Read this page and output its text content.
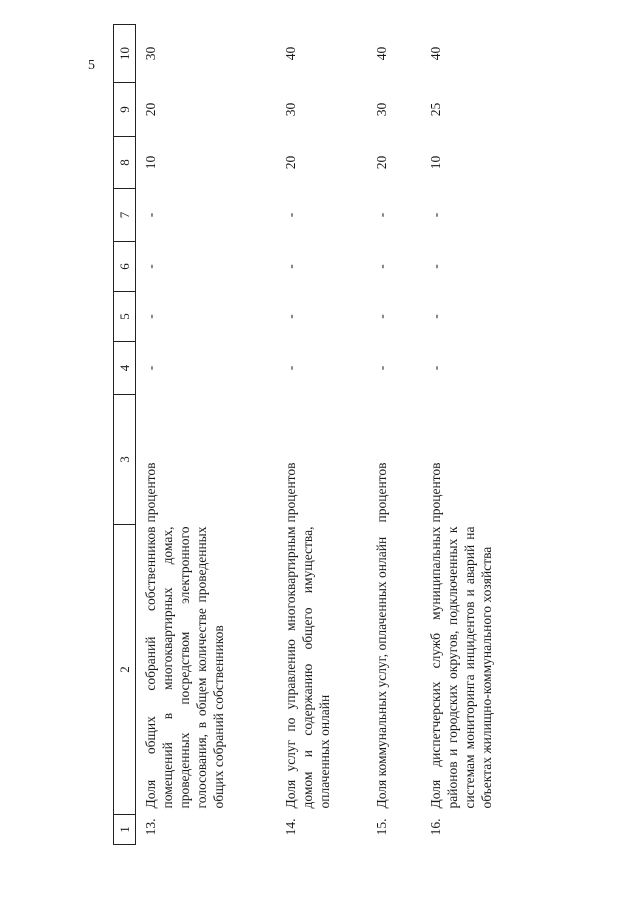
5
1	2	3	4	5	6	7	8	9	10
13.	Доля общих собраний собственников помещений в многоквартирных домах, проведенных посредством электронного голосования, в общем количестве проведенных общих собраний собственников	процентов	-	-	-	-	10	20	30
14.	Доля услуг по управлению многоквартирным домом и содержанию общего имущества, оплаченных онлайн	процентов	-	-	-	-	20	30	40
15.	Доля коммунальных услуг, оплаченных онлайн	процентов	-	-	-	-	20	30	40
16.	Доля диспетчерских служб муниципальных районов и городских округов, подключенных к системам мониторинга инцидентов и аварий на объектах жилищно-коммунального хозяйства	процентов	-	-	-	-	10	25	40
